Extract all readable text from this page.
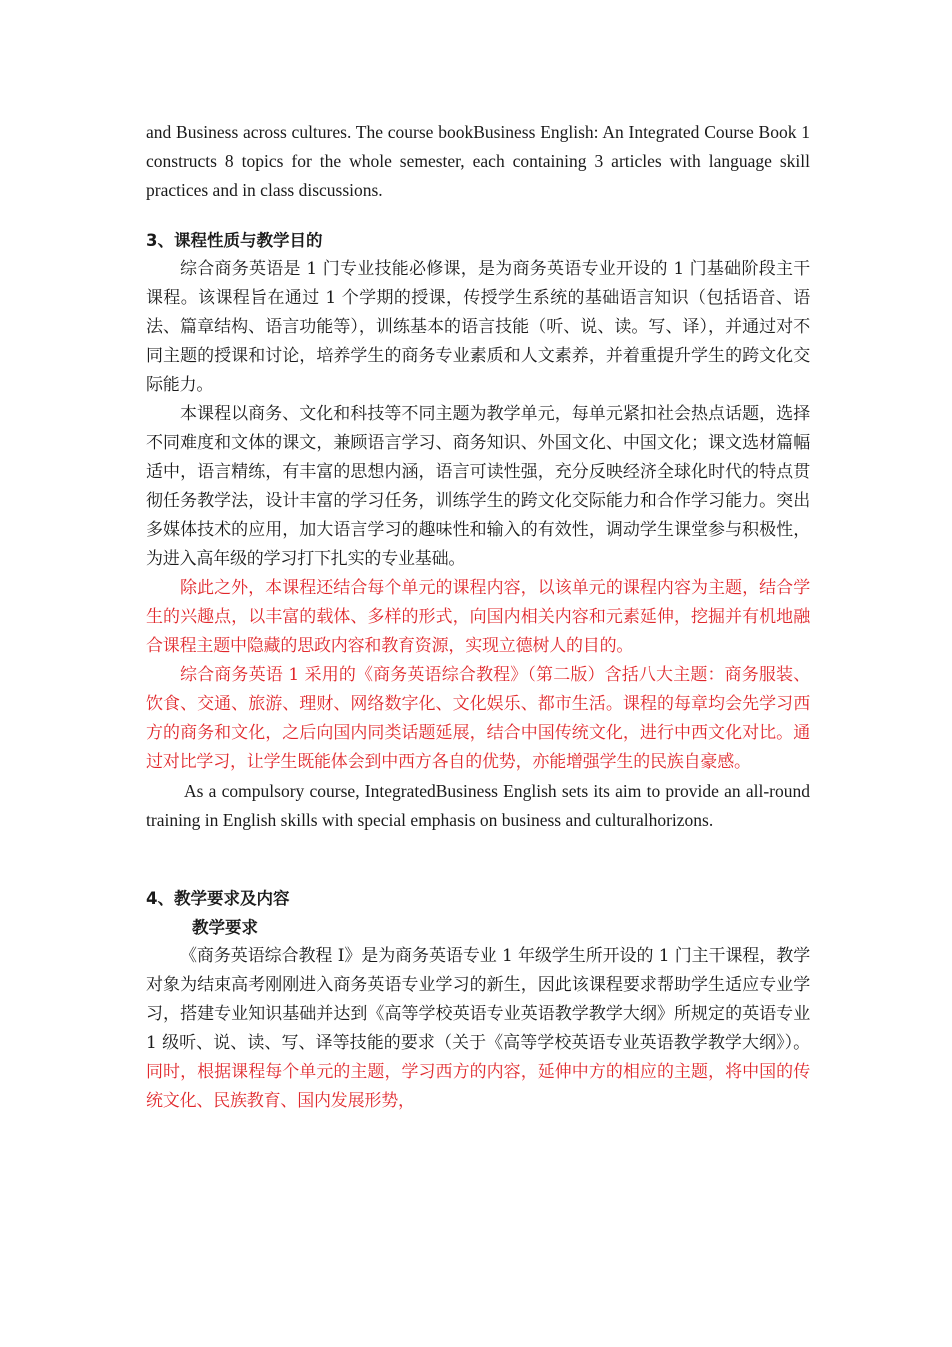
and Business across cultures. The course bookBusiness English: An Integrated Course Book 1 constructs 8 topics for the whole semester, each containing 3 articles with language skill practices and in class discussions.

3、课程性质与教学目的

综合商务英语是 1 门专业技能必修课，是为商务英语专业开设的 1 门基础阶段主干课程。该课程旨在通过 1 个学期的授课，传授学生系统的基础语言知识（包括语音、语法、篇章结构、语言功能等），训练基本的语言技能（听、说、读。写、译），并通过对不同主题的授课和讨论，培养学生的商务专业素质和人文素养，并着重提升学生的跨文化交际能力。

本课程以商务、文化和科技等不同主题为教学单元，每单元紧扣社会热点话题，选择不同难度和文体的课文，兼顾语言学习、商务知识、外国文化、中国文化；课文选材篇幅适中，语言精练，有丰富的思想内涵，语言可读性强，充分反映经济全球化时代的特点贯彻任务教学法，设计丰富的学习任务，训练学生的跨文化交际能力和合作学习能力。突出多媒体技术的应用，加大语言学习的趣味性和输入的有效性，调动学生课堂参与积极性，为进入高年级的学习打下扎实的专业基础。

除此之外，本课程还结合每个单元的课程内容，以该单元的课程内容为主题，结合学生的兴趣点，以丰富的载体、多样的形式，向国内相关内容和元素延伸，挖掘并有机地融合课程主题中隐藏的思政内容和教育资源，实现立德树人的目的。

综合商务英语 1 采用的《商务英语综合教程》（第二版）含括八大主题：商务服装、饮食、交通、旅游、理财、网络数字化、文化娱乐、都市生活。课程的每章均会先学习西方的商务和文化，之后向国内同类话题延展，结合中国传统文化，进行中西文化对比。通过对比学习，让学生既能体会到中西方各自的优势，亦能增强学生的民族自豪感。

As a compulsory course, IntegratedBusiness English sets its aim to provide an all-round training in English skills with special emphasis on business and culturalhorizons.

4、教学要求及内容

教学要求

《商务英语综合教程 I》是为商务英语专业 1 年级学生所开设的 1 门主干课程，教学对象为结束高考刚刚进入商务英语专业学习的新生，因此该课程要求帮助学生适应专业学习，搭建专业知识基础并达到《高等学校英语专业英语教学教学大纲》所规定的英语专业 1 级听、说、读、写、译等技能的要求（关于《高等学校英语专业英语教学教学大纲》）。同时，根据课程每个单元的主题，学习西方的内容，延伸中方的相应的主题，将中国的传统文化、民族教育、国内发展形势，
